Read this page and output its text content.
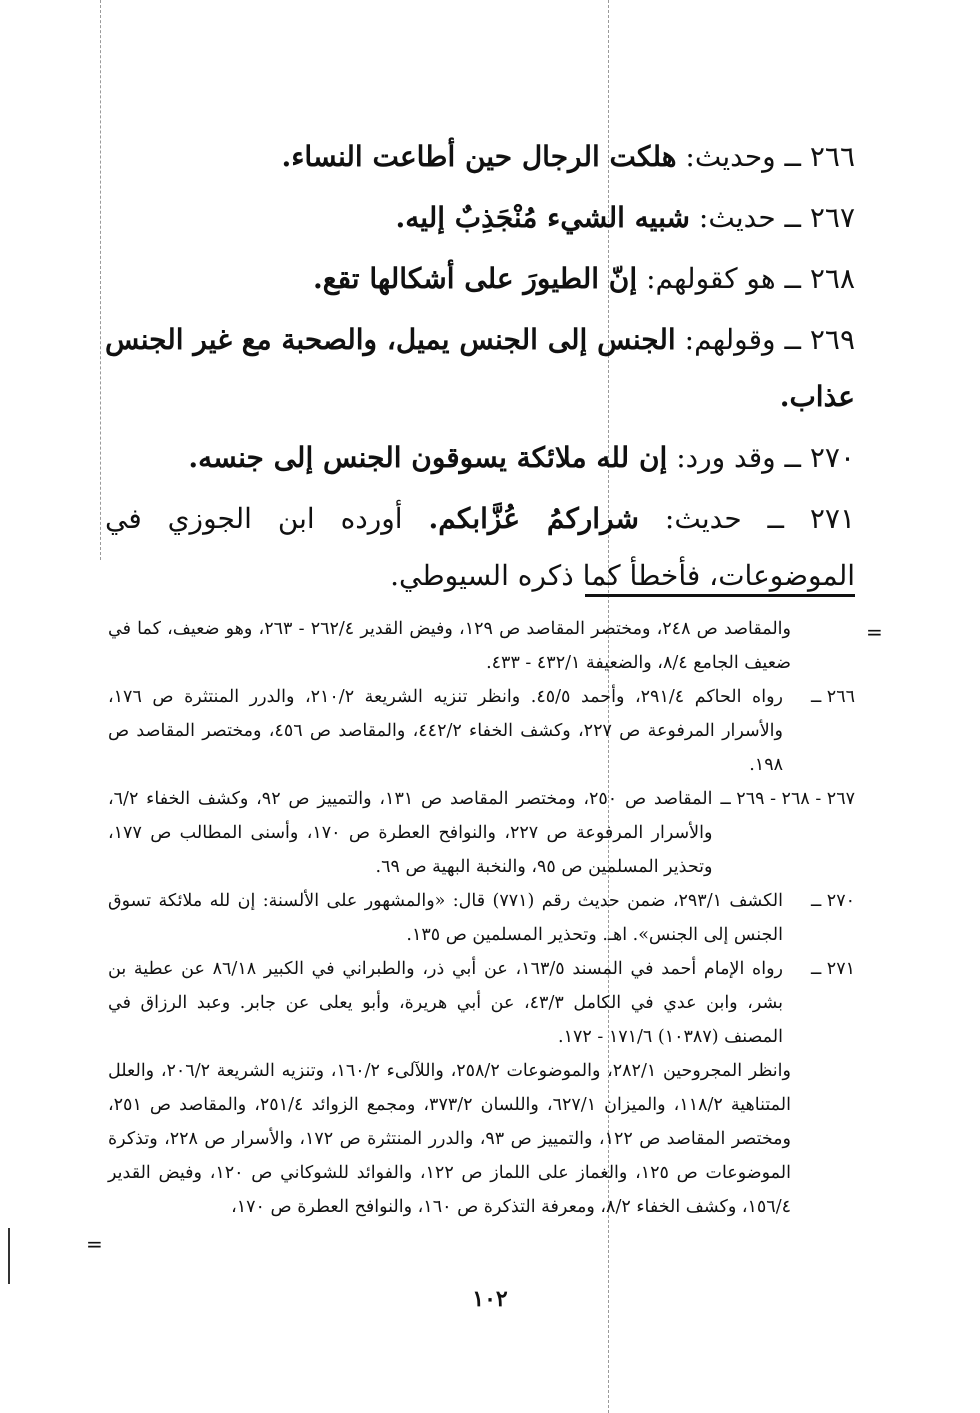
٢٦٦ ــ وحديث: هلكت الرجال حين أطاعت النساء.

٢٦٧ ــ حديث: شبيه الشيء مُنْجَذِبٌ إليه.

٢٦٨ ــ هو كقولهم: إنّ الطيورَ على أشكالها تقع.

٢٦٩ ــ وقولهم: الجنس إلى الجنس يميل، والصحبة مع غير الجنس عذاب.

٢٧٠ ــ وقد ورد: إن لله ملائكة يسوقون الجنس إلى جنسه.

٢٧١ ــ حديث: شراركمُ عُزَّابكم. أورده ابن الجوزي في الموضوعات، فأخطأ كما ذكره السيوطي.

=
=
والمقاصد ص ٢٤٨، ومختصر المقاصد ص ١٢٩، وفيض القدير ٢٦٢/٤ - ٢٦٣، وهو ضعيف، كما في ضعيف الجامع ٨/٤، والضعيفة ٤٣٢/١ - ٤٣٣.
٢٦٦ ــ
رواه الحاكم ٢٩١/٤، وأحمد ٤٥/٥. وانظر تنزيه الشريعة ٢١٠/٢، والدرر المنتثرة ص ١٧٦، والأسرار المرفوعة ص ٢٢٧، وكشف الخفاء ٤٤٢/٢، والمقاصد ص ٤٥٦، ومختصر المقاصد ص ١٩٨.
٢٦٧ - ٢٦٨ - ٢٦٩ ــ
المقاصد ص ٢٥٠، ومختصر المقاصد ص ١٣١، والتمييز ص ٩٢، وكشف الخفاء ٦/٢، والأسرار المرفوعة ص ٢٢٧، والنوافح العطرة ص ١٧٠، وأسنى المطالب ص ١٧٧، وتحذير المسلمين ص ٩٥، والنخبة البهية ص ٦٩.
٢٧٠ ــ
الكشف ٢٩٣/١، ضمن حديث رقم (٧٧١) قال: «والمشهور على الألسنة: إن لله ملائكة تسوق الجنس إلى الجنس». اهـ. وتحذير المسلمين ص ١٣٥.
٢٧١ ــ
رواه الإمام أحمد في المسند ١٦٣/٥، عن أبي ذر، والطبراني في الكبير ٨٦/١٨ عن عطية بن بشر، وابن عدي في الكامل ٤٣/٣، عن أبي هريرة، وأبو يعلى عن جابر. وعبد الرزاق في المصنف (١٠٣٨٧) ١٧١/٦ - ١٧٢.
وانظر المجروحين ٢٨٢/١، والموضوعات ٢٥٨/٢، واللآلىء ١٦٠/٢، وتنزيه الشريعة ٢٠٦/٢، والعلل المتناهية ١١٨/٢، والميزان ٦٢٧/١، واللسان ٣٧٣/٢، ومجمع الزوائد ٢٥١/٤، والمقاصد ص ٢٥١، ومختصر المقاصد ص ١٢٢، والتمييز ص ٩٣، والدرر المنتثرة ص ١٧٢، والأسرار ص ٢٢٨، وتذكرة الموضوعات ص ١٢٥، والغماز على اللماز ص ١٢٢، والفوائد للشوكاني ص ١٢٠، وفيض القدير ١٥٦/٤، وكشف الخفاء ٨/٢، ومعرفة التذكرة ص ١٦٠، والنوافح العطرة ص ١٧٠،
١٠٢
